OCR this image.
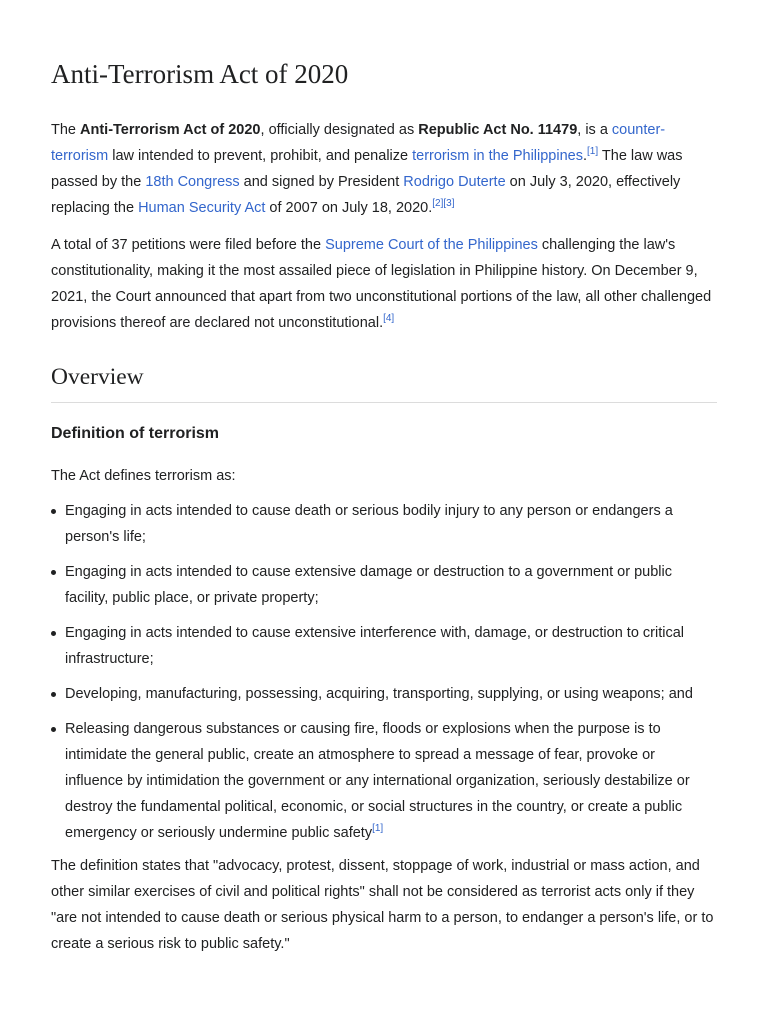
Anti-Terrorism Act of 2020

The Anti-Terrorism Act of 2020, officially designated as Republic Act No. 11479, is a counter-terrorism law intended to prevent, prohibit, and penalize terrorism in the Philippines.[1] The law was passed by the 18th Congress and signed by President Rodrigo Duterte on July 3, 2020, effectively replacing the Human Security Act of 2007 on July 18, 2020.[2][3]

A total of 37 petitions were filed before the Supreme Court of the Philippines challenging the law's constitutionality, making it the most assailed piece of legislation in Philippine history. On December 9, 2021, the Court announced that apart from two unconstitutional portions of the law, all other challenged provisions thereof are declared not unconstitutional.[4]

Overview
Definition of terrorism

The Act defines terrorism as:

Engaging in acts intended to cause death or serious bodily injury to any person or endangers a person's life;
Engaging in acts intended to cause extensive damage or destruction to a government or public facility, public place, or private property;
Engaging in acts intended to cause extensive interference with, damage, or destruction to critical infrastructure;
Developing, manufacturing, possessing, acquiring, transporting, supplying, or using weapons; and
Releasing dangerous substances or causing fire, floods or explosions when the purpose is to intimidate the general public, create an atmosphere to spread a message of fear, provoke or influence by intimidation the government or any international organization, seriously destabilize or destroy the fundamental political, economic, or social structures in the country, or create a public emergency or seriously undermine public safety[1]

The definition states that "advocacy, protest, dissent, stoppage of work, industrial or mass action, and other similar exercises of civil and political rights" shall not be considered as terrorist acts only if they "are not intended to cause death or serious physical harm to a person, to endanger a person's life, or to create a serious risk to public safety."
